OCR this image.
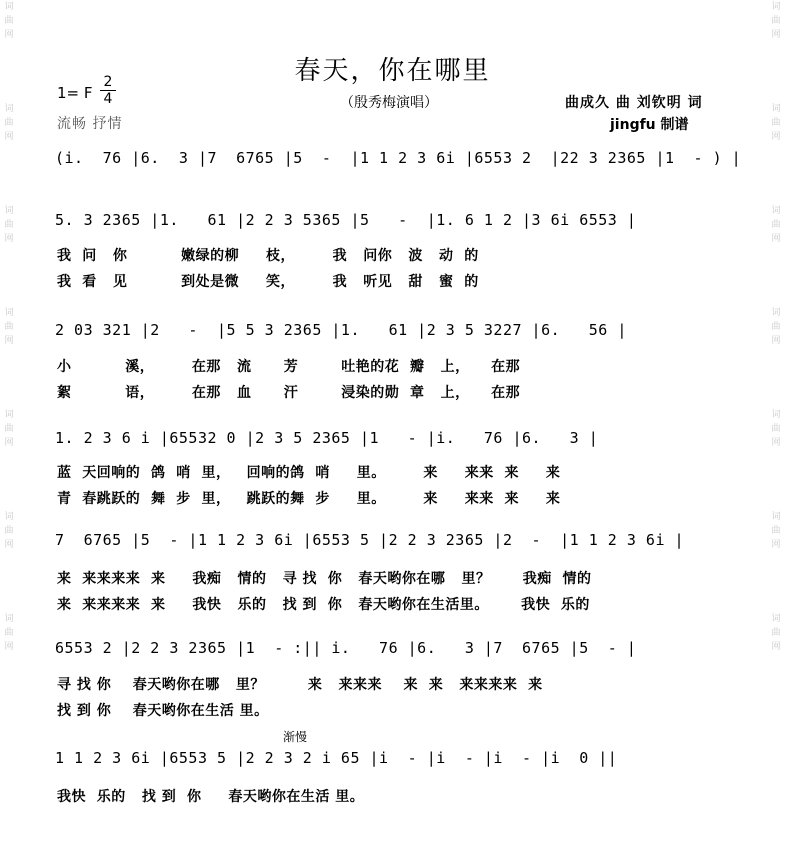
词
曲
网
词
曲
网
词
曲
网
词
曲
网
词
曲
网
词
曲
网
词
曲
网
词
曲
网
词
曲
网
词
曲
网
词
曲
网
词
曲
网
词
曲
网
词
曲
网
春天，你在哪里
（殷秀梅演唱）	曲成久 曲 刘钦明 词
jingfu 制谱
1= F
2
4
流畅 抒情
(i.  76 |6.  3 |7  6765 |5  -  |1 1 2 3 6i |6553 2  |22 3 2365 |1  - ) |
5. 3 2365 |1.   61 |2 2 3 5365 |5   -  |1. 6 1 2 |3 6i 6553 |
我  问   你          嫩绿的柳     枝，       我   问你   波   动  的
我  看   见          到处是微     笑，       我   听见   甜   蜜  的
2 03 321 |2   -  |5 5 3 2365 |1.   61 |2 3 5 3227 |6.   56 |
小          溪，       在那   流      芳        吐艳的花  瓣   上，    在那
絮          语，       在那   血      汗        浸染的勋  章   上，    在那
1. 2 3 6 i |65532 0 |2 3 5 2365 |1   - |i.   76 |6.   3 |
蓝  天回响的  鸽  哨  里，   回响的鸽  哨     里。       来     来来  来     来
青  春跳跃的  舞  步  里，   跳跃的舞  步     里。       来     来来  来     来
7  6765 |5  - |1 1 2 3 6i |6553 5 |2 2 3 2365 |2  -  |1 1 2 3 6i |
来  来来来来  来     我痴   情的   寻 找  你   春天哟你在哪   里？      我痴  情的
来  来来来来  来     我快   乐的   找 到  你   春天哟你在生活里。      我快  乐的
6553 2 |2 2 3 2365 |1  - :|| i.   76 |6.   3 |7  6765 |5  - |
寻 找 你    春天哟你在哪   里？        来   来来来    来  来   来来来来  来
找 到 你    春天哟你在生活 里。
渐慢
1 1 2 3 6i |6553 5 |2 2 3 2 i 65 |i  - |i  - |i  - |i  0 ||
我快  乐的   找 到  你     春天哟你在生活 里。
